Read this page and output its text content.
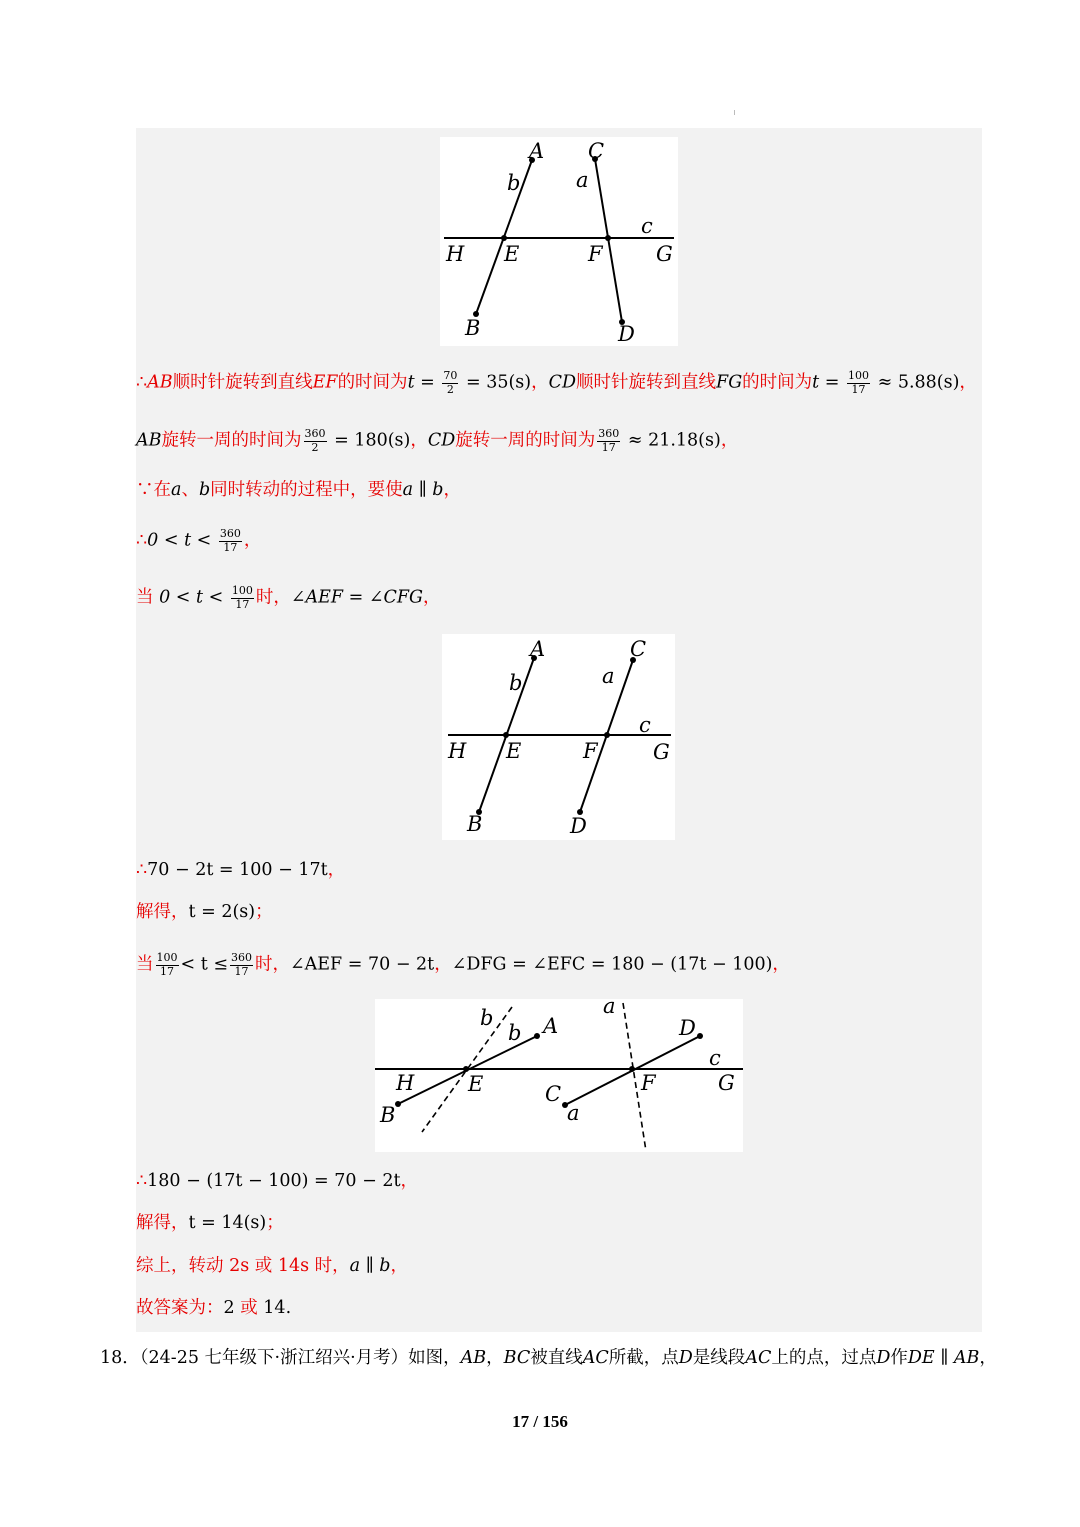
A C
b	a
c
H E	F	G
B	D
∴AB顺时针旋转到直线EF的时间为$t = \frac{70}{2} = 35(s)$，CD顺时针旋转到直线FG的时间为$t = \frac{100}{17} \approx 5.88(s)$，
AB旋转一周的时间为 $\frac{360}{2} = 180(s)$，CD旋转一周的时间为 $\frac{360}{17} \approx 21.18(s)$，
∵在a、b同时转动的过程中，要使a ∥ b，
∴0 < $t < \frac{360}{17}$ ，
当 $0 < t < \frac{100}{17}$ 时，∠AEF = ∠CFG，
A	C
b	a
c
H E	F	G
B	D
∴70 − 2t = 100 − 17t，
解得，t = 2(s)；
当 $\frac{100}{17} < t \le \frac{360}{17}$ 时，∠AEF = 70 − 2t，∠DFG = ∠EFC = 180 − (17t − 100)，
b
b A
a
D
c
H	E	F	G
B
C
a
∴180 − (17t − 100) = 70 − 2t，
解得，t = 14(s)；
综上，转动 2s 或 14s 时，a ∥ b，
故答案为：2 或 14.
18．（24-25 七年级下·浙江绍兴·月考）如图，AB，BC被直线AC所截，点D是线段AC上的点，过点D作DE ∥ AB，
17 / 156
